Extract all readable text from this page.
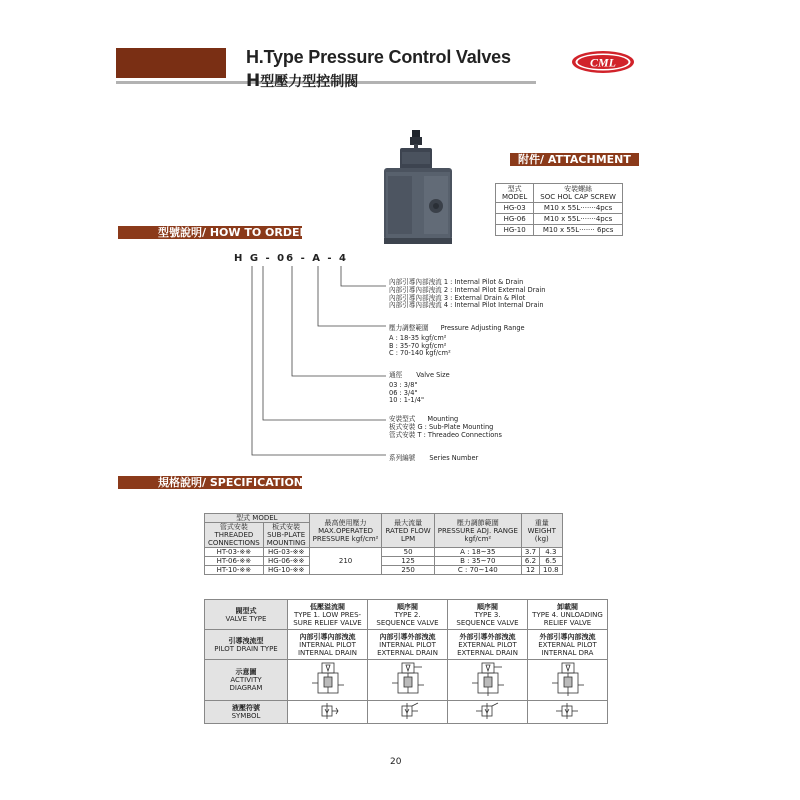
H.Type Pressure Control Valves
H型壓力型控制閥
CML
附件/ ATTACHMENT
型式
MODEL	安裝螺絲
SOC HOL CAP SCREW
HG-03	M10 x 55L·······4pcs
HG-06	M10 x 55L·······4pcs
HG-10	M10 x 55L······· 6pcs
型號說明/ HOW TO ORDER
H G - 06 - A - 4
內部引導內部洩流 1 : Internal Pilot & Drain
內部引導內部洩流 2 : Internal Pilot External Drain
內部引導內部洩流 3 : External Drain & Pilot
內部引導內部洩流 4 : Internal Pilot Internal Drain
壓力調整範圍 Pressure Adjusting Range
A : 18-35 kgf/cm²
B : 35-70 kgf/cm²
C : 70-140 kgf/cm²
通徑 Valve Size
03 : 3/8"
06 : 3/4"
10 : 1-1/4"
安裝型式 Mounting
板式安裝 G : Sub-Plate Mounting
管式安裝 T : Threadeo Connections
系列編號 Series Number
規格說明/ SPECIFICATIONS
型式 MODEL		最高使用壓力
MAX.OPERATED
PRESSURE kgf/cm²	最大流量
RATED FLOW
LPM	壓力調節範圍
PRESSURE ADJ. RANGE
kgf/cm²	重量
WEIGHT
(kg)	
管式安裝
THREADED
CONNECTIONS	板式安裝
SUB-PLATE
MOUNTING					
HT-03-※※	HG-03-※※	210	50	A : 18~35	3.7	4.3
HT-06-※※	HG-06-※※		125	B : 35~70	6.2	6.5
HT-10-※※	HG-10-※※		250	C : 70~140	12	10.8
閥型式
VALVE TYPE	低壓溢流閥
TYPE 1. LOW PRES-
SURE RELIEF VALVE	順序閥
TYPE 2.
SEQUENCE VALVE	順序閥
TYPE 3.
SEQUENCE VALVE	卸載閥
TYPE 4. UNLOADING
RELIEF VALVE
引導洩流型
PILOT DRAIN TYPE	內部引導內部洩流
INTERNAL PILOT
INTERNAL DRAIN	內部引導外部洩流
INTERNAL PILOT
EXTERNAL DRAIN	外部引導外部洩流
EXTERNAL PILOT
EXTERNAL DRAIN	外部引導內部洩流
EXTERNAL PILOT
INTERNAL DRA
示意圖
ACTIVITY
DIAGRAM				
液壓符號
SYMBOL				
20
